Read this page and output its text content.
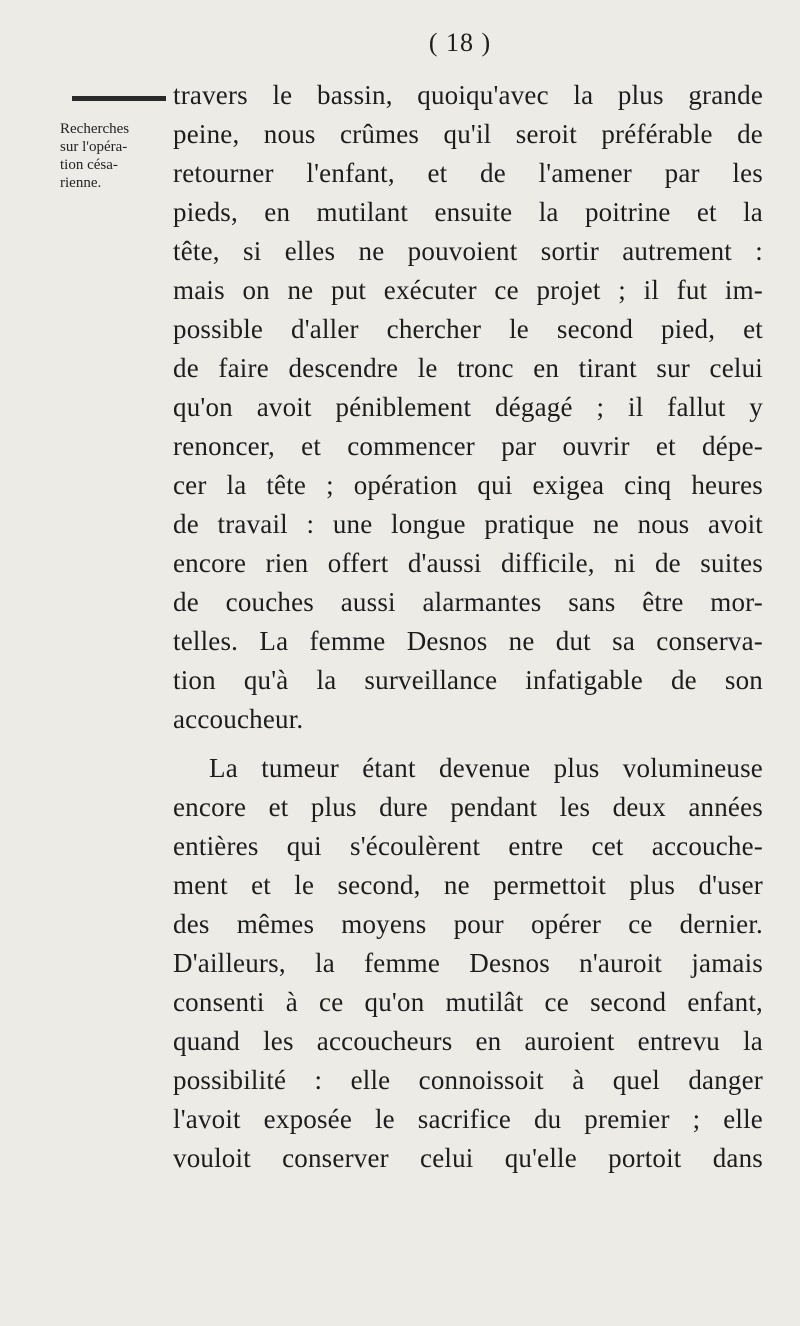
( 18 )
Recherches
sur l'opéra-
tion césa-
rienne.
travers le bassin, quoiqu'avec la plus grande
peine, nous crûmes qu'il seroit préférable de
retourner l'enfant, et de l'amener par les
pieds, en mutilant ensuite la poitrine et la
tête, si elles ne pouvoient sortir autrement :
mais on ne put exécuter ce projet ; il fut im-
possible d'aller chercher le second pied, et
de faire descendre le tronc en tirant sur celui
qu'on avoit péniblement dégagé ; il fallut y
renoncer, et commencer par ouvrir et dépe-
cer la tête ; opération qui exigea cinq heures
de travail : une longue pratique ne nous avoit
encore rien offert d'aussi difficile, ni de suites
de couches aussi alarmantes sans être mor-
telles. La femme Desnos ne dut sa conserva-
tion qu'à la surveillance infatigable de son
accoucheur.
La tumeur étant devenue plus volumineuse
encore et plus dure pendant les deux années
entières qui s'écoulèrent entre cet accouche-
ment et le second, ne permettoit plus d'user
des mêmes moyens pour opérer ce dernier.
D'ailleurs, la femme Desnos n'auroit jamais
consenti à ce qu'on mutilât ce second enfant,
quand les accoucheurs en auroient entrevu la
possibilité : elle connoissoit à quel danger
l'avoit exposée le sacrifice du premier ; elle
vouloit conserver celui qu'elle portoit dans
